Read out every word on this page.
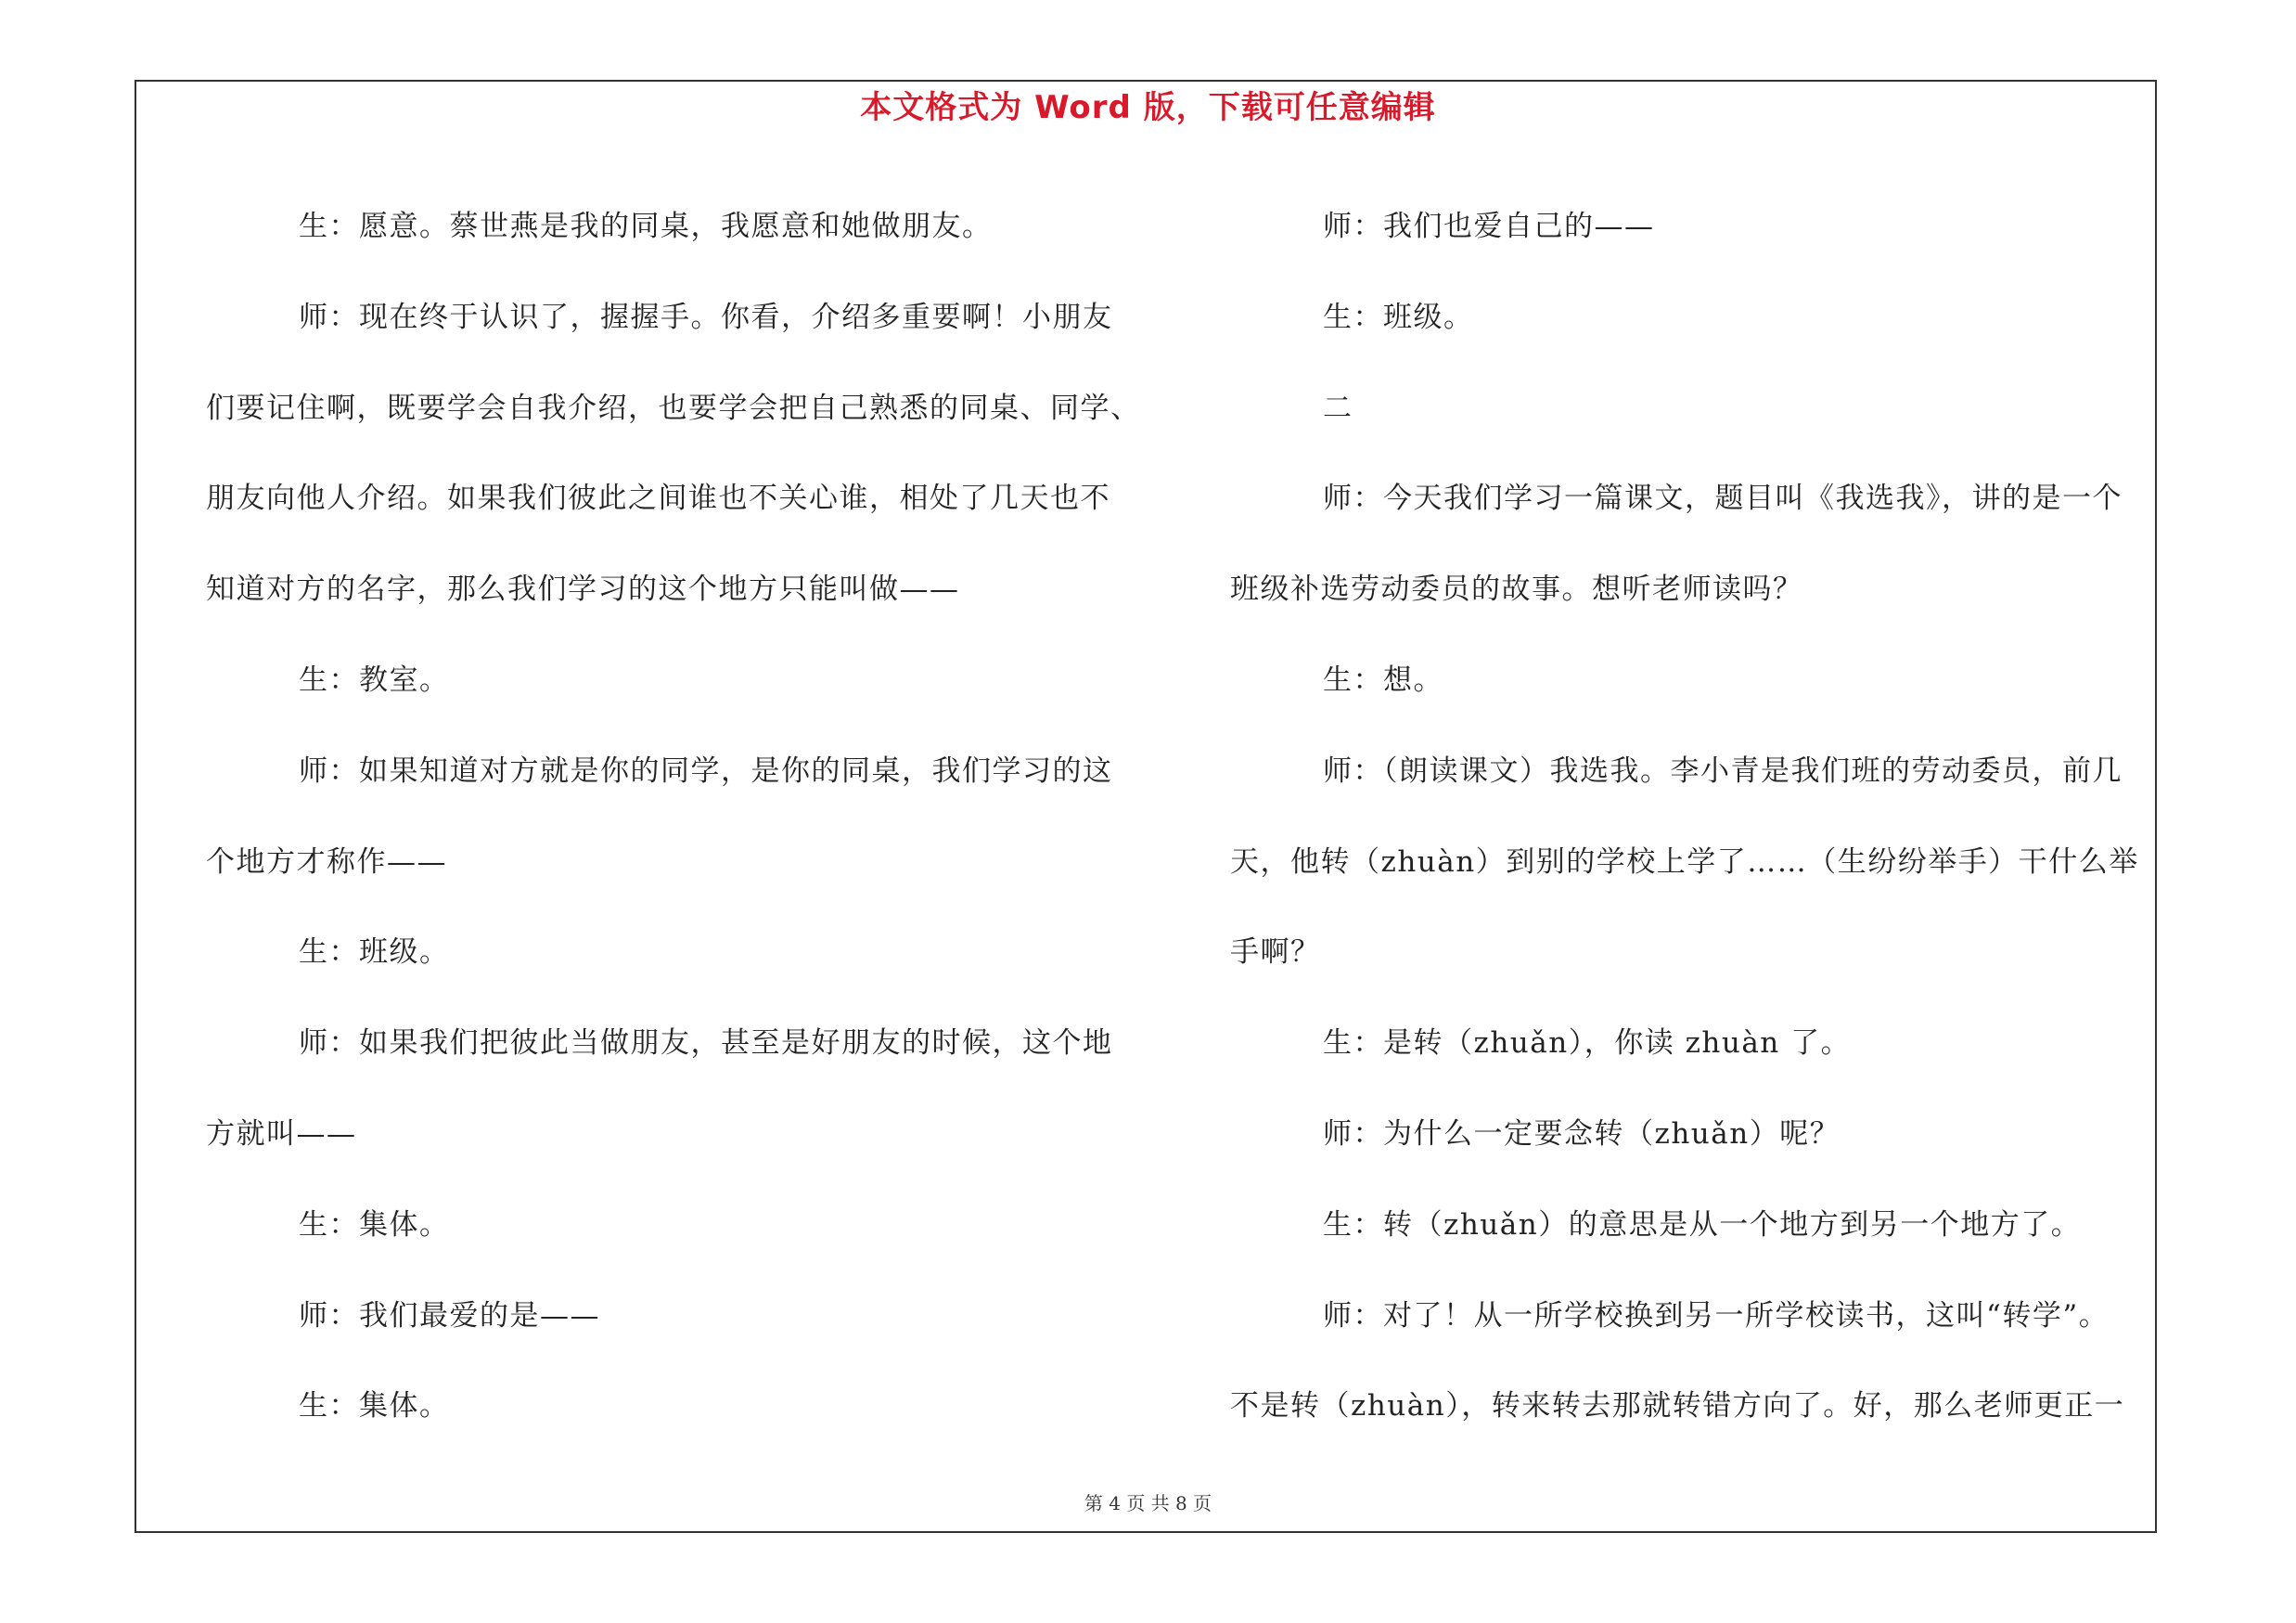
本文格式为 Word 版，下载可任意编辑
生：愿意。蔡世燕是我的同桌，我愿意和她做朋友。
师：现在终于认识了，握握手。你看，介绍多重要啊！小朋友
们要记住啊，既要学会自我介绍，也要学会把自己熟悉的同桌、同学、
朋友向他人介绍。如果我们彼此之间谁也不关心谁，相处了几天也不
知道对方的名字，那么我们学习的这个地方只能叫做——
生：教室。
师：如果知道对方就是你的同学，是你的同桌，我们学习的这
个地方才称作——
生：班级。
师：如果我们把彼此当做朋友，甚至是好朋友的时候，这个地
方就叫——
生：集体。
师：我们最爱的是——
生：集体。
师：我们也爱自己的——
生：班级。
二
师：今天我们学习一篇课文，题目叫《我选我》，讲的是一个
班级补选劳动委员的故事。想听老师读吗？
生：想。
师：（朗读课文）我选我。李小青是我们班的劳动委员，前几
天，他转（zhuàn）到别的学校上学了……（生纷纷举手）干什么举
手啊？
生：是转（zhuǎn），你读 zhuàn 了。
师：为什么一定要念转（zhuǎn）呢？
生：转（zhuǎn）的意思是从一个地方到另一个地方了。
师：对了！从一所学校换到另一所学校读书，这叫“转学”。
不是转（zhuàn），转来转去那就转错方向了。好，那么老师更正一
第 4 页 共 8 页
